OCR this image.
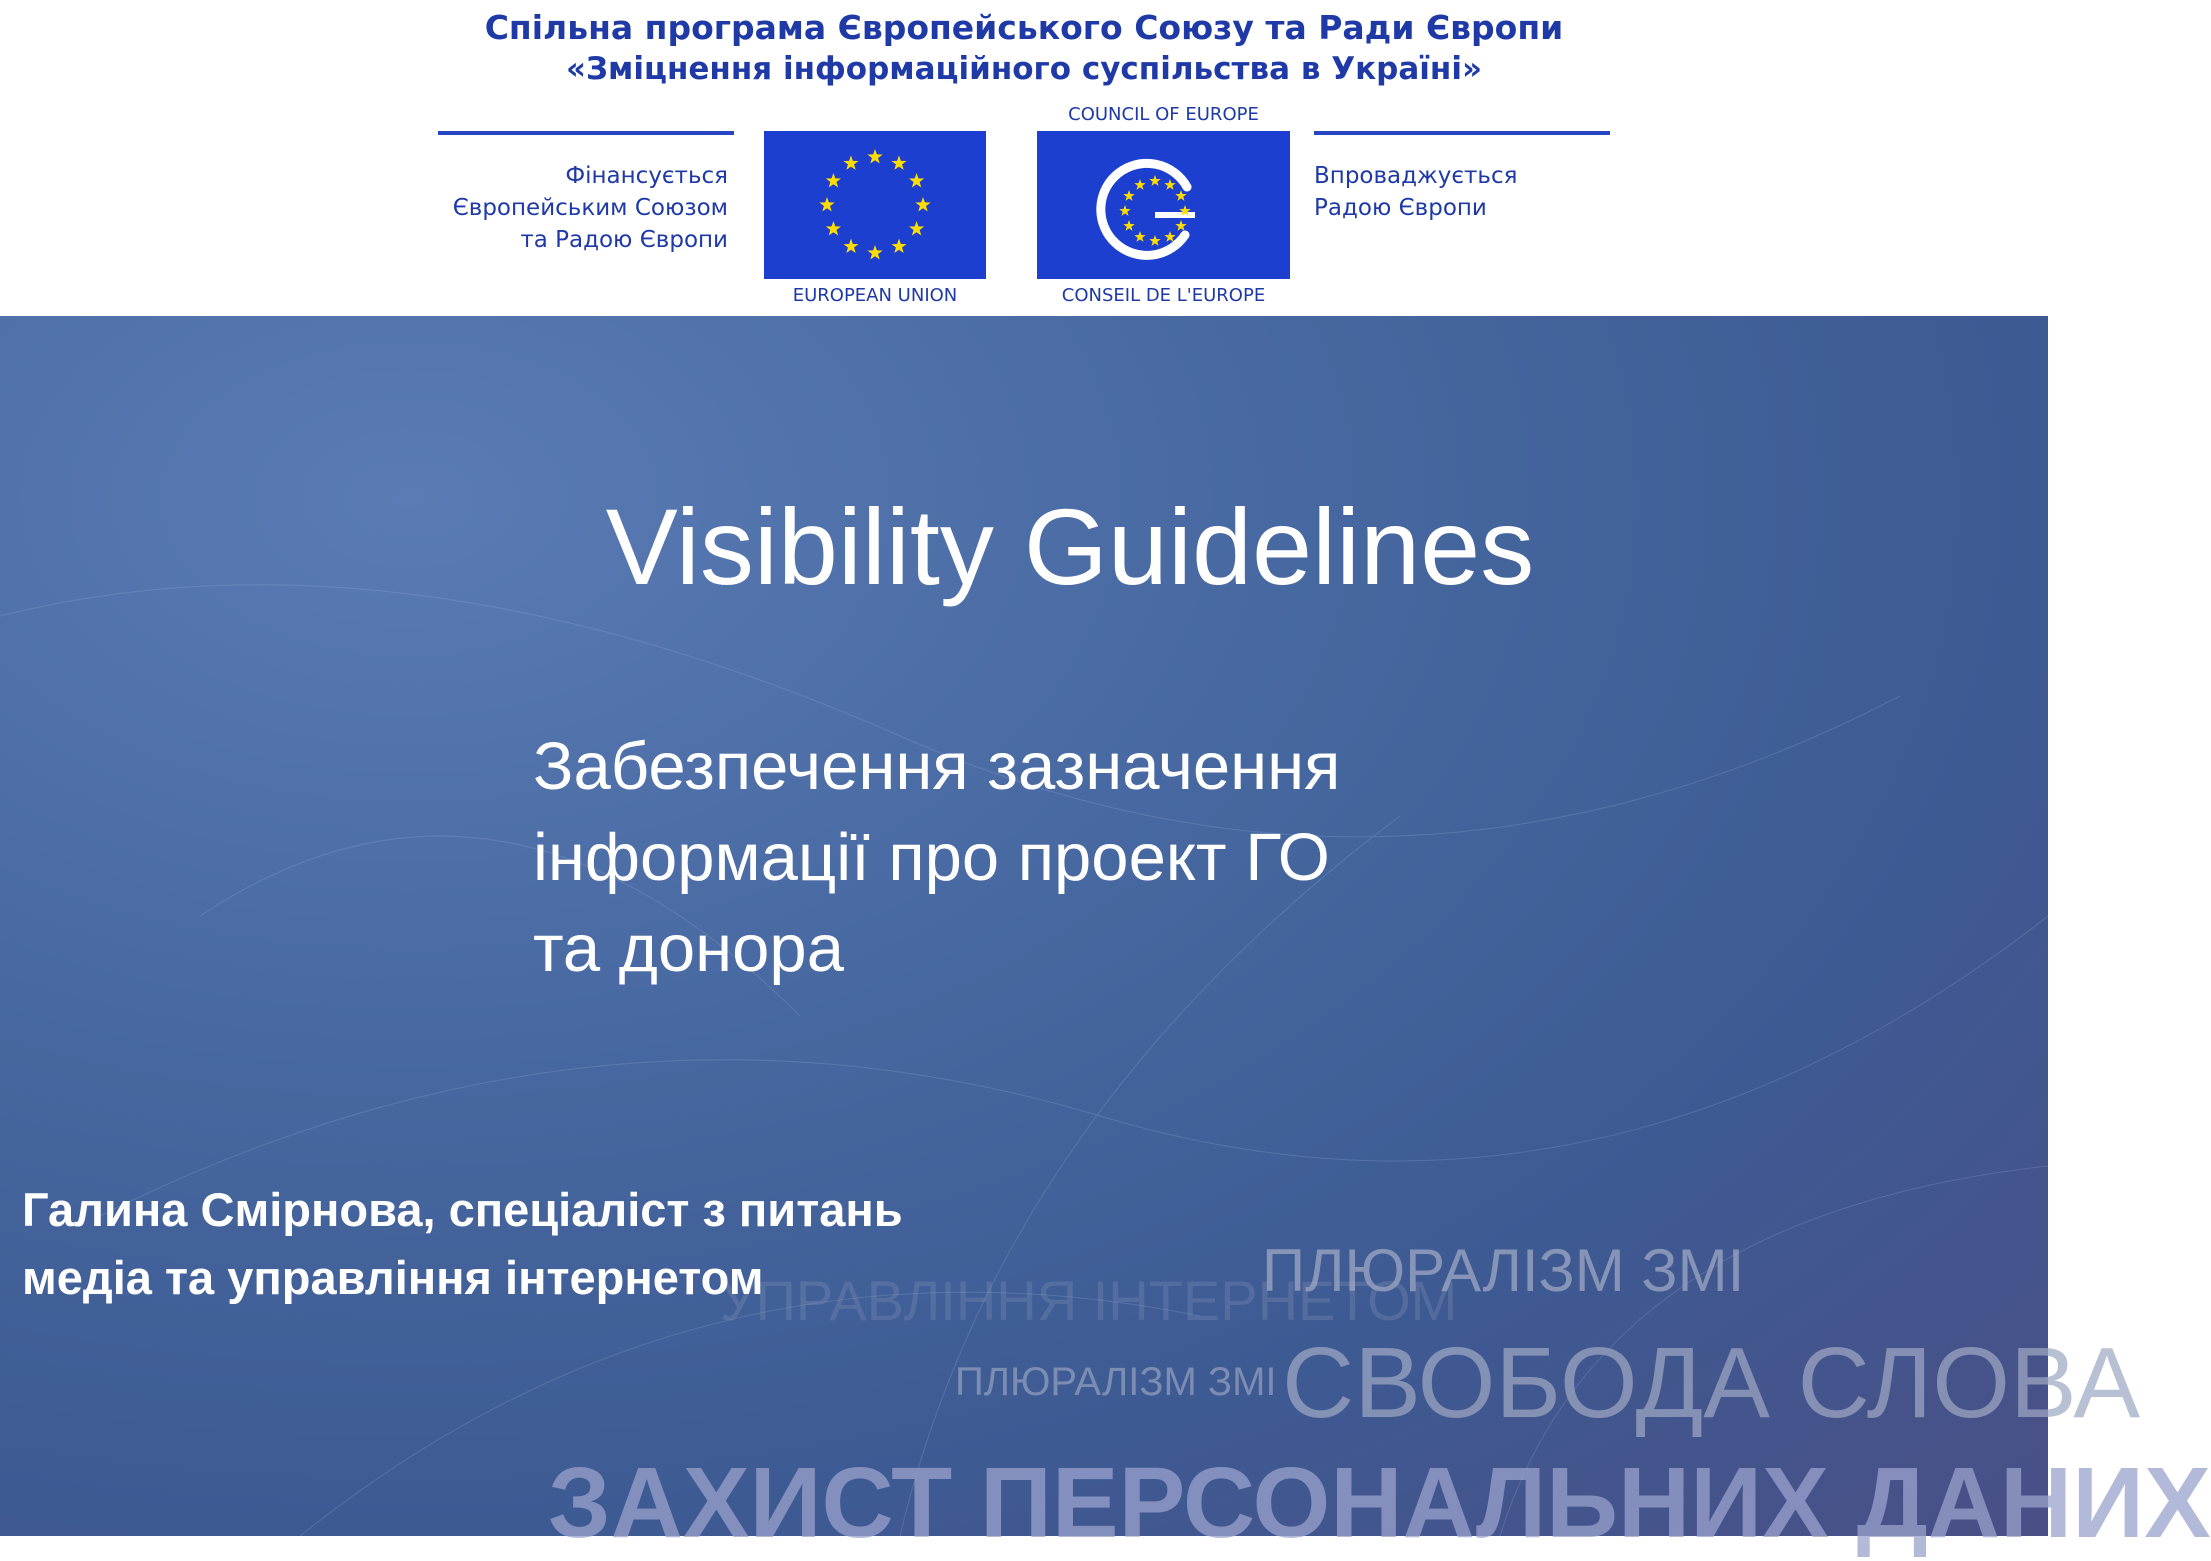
Спільна програма Європейського Союзу та Ради Європи
«Зміцнення інформаційного суспільства в Україні»
Фінансується
Європейським Союзом
та Радою Європи
EUROPEAN UNION
COUNCIL OF EUROPE
CONSEIL DE L'EUROPE
Впроваджується
Радою Європи
Visibility Guidelines
Забезпечення зазначення
інформації про проект ГО
та донора
УПРАВЛІННЯ ІНТЕРНЕТОМ
ПЛЮРАЛІЗМ ЗМІ
ПЛЮРАЛІЗМ ЗМІ СВОБОДА СЛОВА
ЗАХИСТ ПЕРСОНАЛЬНИХ ДАНИХ
Галина Смірнова, спеціаліст з питань
медіа та управління інтернетом
